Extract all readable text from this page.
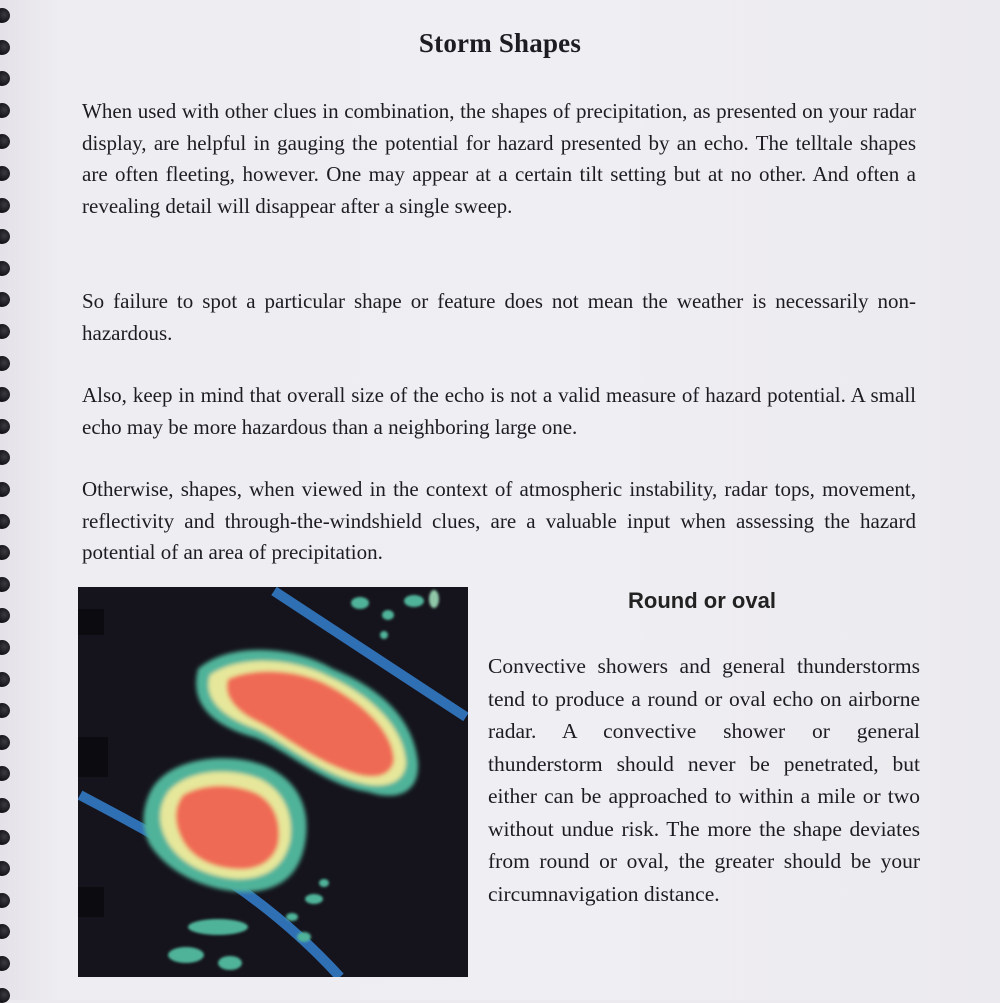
Storm Shapes

When used with other clues in combination, the shapes of precipitation, as presented on your radar display, are helpful in gauging the potential for hazard presented by an echo. The telltale shapes are often fleeting, however. One may appear at a certain tilt setting but at no other. And often a revealing detail will disappear after a single sweep.

So failure to spot a particular shape or feature does not mean the weather is necessarily non-hazardous.

Also, keep in mind that overall size of the echo is not a valid measure of hazard potential. A small echo may be more hazardous than a neighboring large one.

Otherwise, shapes, when viewed in the context of atmospheric instability, radar tops, movement, reflectivity and through-the-windshield clues, are a valuable input when assessing the hazard potential of an area of precipitation.

Round or oval

Convective showers and general thunderstorms tend to produce a round or oval echo on airborne radar. A convective shower or general thunderstorm should never be penetrated, but either can be approached to within a mile or two without undue risk. The more the shape deviates from round or oval, the greater should be your circumnavigation distance.
